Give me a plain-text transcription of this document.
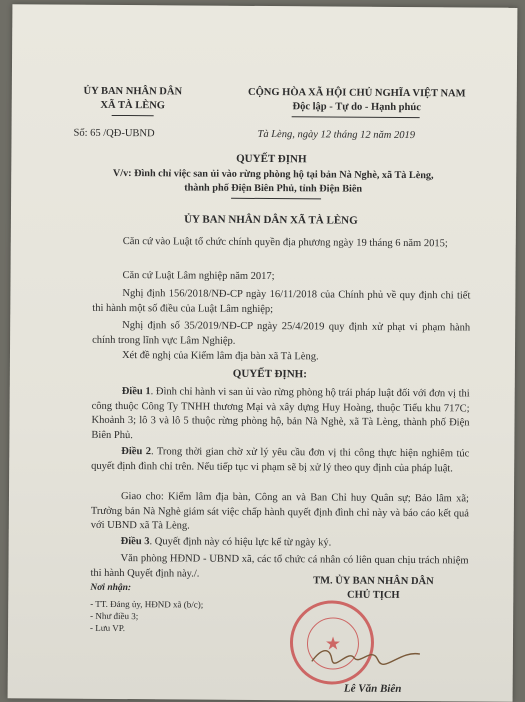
ỦY BAN NHÂN DÂN
XÃ TÀ LÈNG
CỘNG HÒA XÃ HỘI CHỦ NGHĨA VIỆT NAM
Độc lập - Tự do - Hạnh phúc
Số: 65 /QĐ-UBND	Tà Lèng, ngày 12 tháng 12 năm 2019
QUYẾT ĐỊNH
V/v: Đình chỉ việc san ủi vào rừng phòng hộ tại bản Nà Nghè, xã Tà Lèng,
thành phố Điện Biên Phủ, tỉnh Điện Biên
ỦY BAN NHÂN DÂN XÃ TÀ LÈNG
Căn cứ vào Luật tổ chức chính quyền địa phương ngày 19 tháng 6 năm 2015;
Căn cứ Luật Lâm nghiệp năm 2017;
Nghị định 156/2018/NĐ-CP ngày 16/11/2018 của Chính phủ về quy định chi tiết thi hành một số điều của Luật Lâm nghiệp;
Nghị định số 35/2019/NĐ-CP ngày 25/4/2019 quy định xử phạt vi phạm hành chính trong lĩnh vực Lâm Nghiệp.
Xét đề nghị của Kiểm lâm địa bàn xã Tà Lèng.
QUYẾT ĐỊNH:
Điều 1. Đình chỉ hành vi san ủi vào rừng phòng hộ trái pháp luật đối với đơn vị thi công thuộc Công Ty TNHH thương Mại và xây dựng Huy Hoàng, thuộc Tiểu khu 717C; Khoảnh 3; lô 3 và lô 5 thuộc rừng phòng hộ, bản Nà Nghè, xã Tà Lèng, thành phố Điện Biên Phủ.
Điều 2. Trong thời gian chờ xử lý yêu cầu đơn vị thi công thực hiện nghiêm túc quyết định đình chỉ trên. Nếu tiếp tục vi phạm sẽ bị xử lý theo quy định của pháp luật.
Giao cho: Kiểm lâm địa bàn, Công an và Ban Chỉ huy Quân sự; Bảo lâm xã; Trưởng bản Nà Nghè giám sát việc chấp hành quyết định đình chỉ này và báo cáo kết quả với UBND xã Tà Lèng.
Điều 3. Quyết định này có hiệu lực kể từ ngày ký.
Văn phòng HĐND - UBND xã, các tổ chức cá nhân có liên quan chịu trách nhiệm thi hành Quyết định này./.
Nơi nhận:
- TT. Đảng ủy, HĐND xã (b/c);
- Như điều 3;
- Lưu VP.
TM. ỦY BAN NHÂN DÂN
CHỦ TỊCH
★
Lê Văn Biên
